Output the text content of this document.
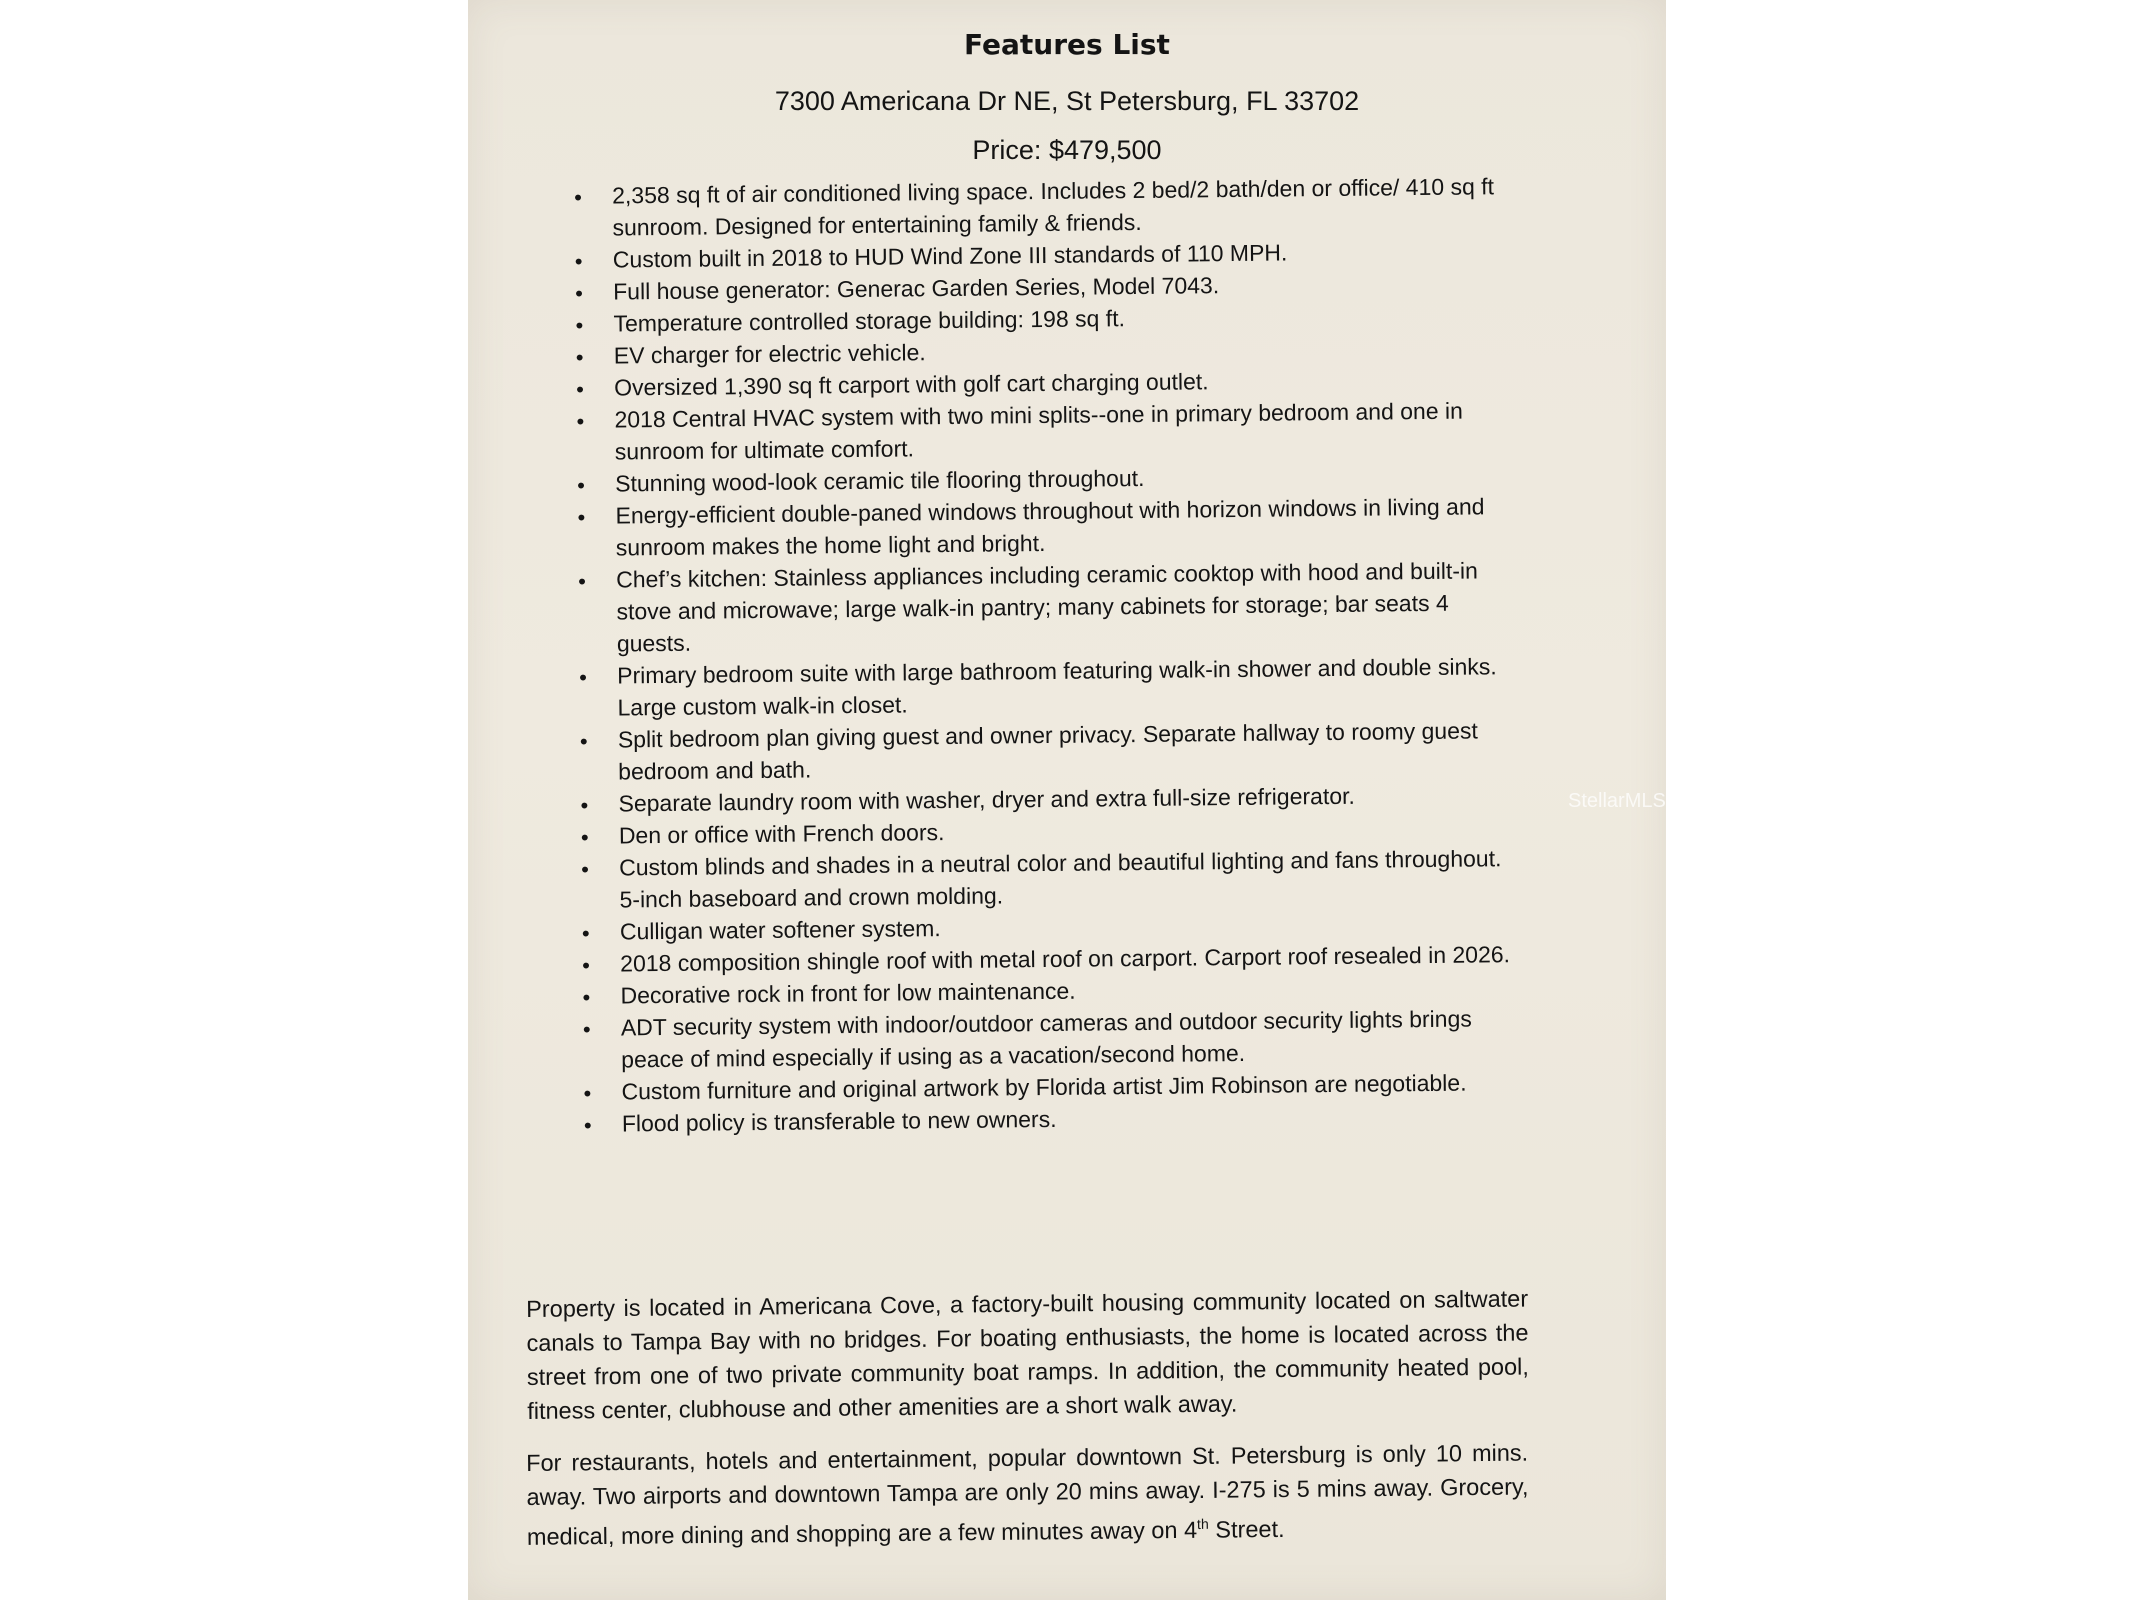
Features List
7300 Americana Dr NE, St Petersburg, FL 33702
Price: $479,500
• 2,358 sq ft of air conditioned living space. Includes 2 bed/2 bath/den or office/ 410 sq ft sunroom. Designed for entertaining family & friends.
• Custom built in 2018 to HUD Wind Zone III standards of 110 MPH.
• Full house generator: Generac Garden Series, Model 7043.
• Temperature controlled storage building: 198 sq ft.
• EV charger for electric vehicle.
• Oversized 1,390 sq ft carport with golf cart charging outlet.
• 2018 Central HVAC system with two mini splits--one in primary bedroom and one in sunroom for ultimate comfort.
• Stunning wood-look ceramic tile flooring throughout.
• Energy-efficient double-paned windows throughout with horizon windows in living and sunroom makes the home light and bright.
• Chef’s kitchen: Stainless appliances including ceramic cooktop with hood and built-in stove and microwave; large walk-in pantry; many cabinets for storage; bar seats 4 guests.
• Primary bedroom suite with large bathroom featuring walk-in shower and double sinks. Large custom walk-in closet.
• Split bedroom plan giving guest and owner privacy. Separate hallway to roomy guest bedroom and bath.
• Separate laundry room with washer, dryer and extra full-size refrigerator.
• Den or office with French doors.
• Custom blinds and shades in a neutral color and beautiful lighting and fans throughout. 5-inch baseboard and crown molding.
• Culligan water softener system.
• 2018 composition shingle roof with metal roof on carport. Carport roof resealed in 2026.
• Decorative rock in front for low maintenance.
• ADT security system with indoor/outdoor cameras and outdoor security lights brings peace of mind especially if using as a vacation/second home.
• Custom furniture and original artwork by Florida artist Jim Robinson are negotiable.
• Flood policy is transferable to new owners.

Property is located in Americana Cove, a factory-built housing community located on saltwater canals to Tampa Bay with no bridges. For boating enthusiasts, the home is located across the street from one of two private community boat ramps. In addition, the community heated pool, fitness center, clubhouse and other amenities are a short walk away.

For restaurants, hotels and entertainment, popular downtown St. Petersburg is only 10 mins. away. Two airports and downtown Tampa are only 20 mins away. I-275 is 5 mins away. Grocery, medical, more dining and shopping are a few minutes away on 4th Street.

StellarMLS
